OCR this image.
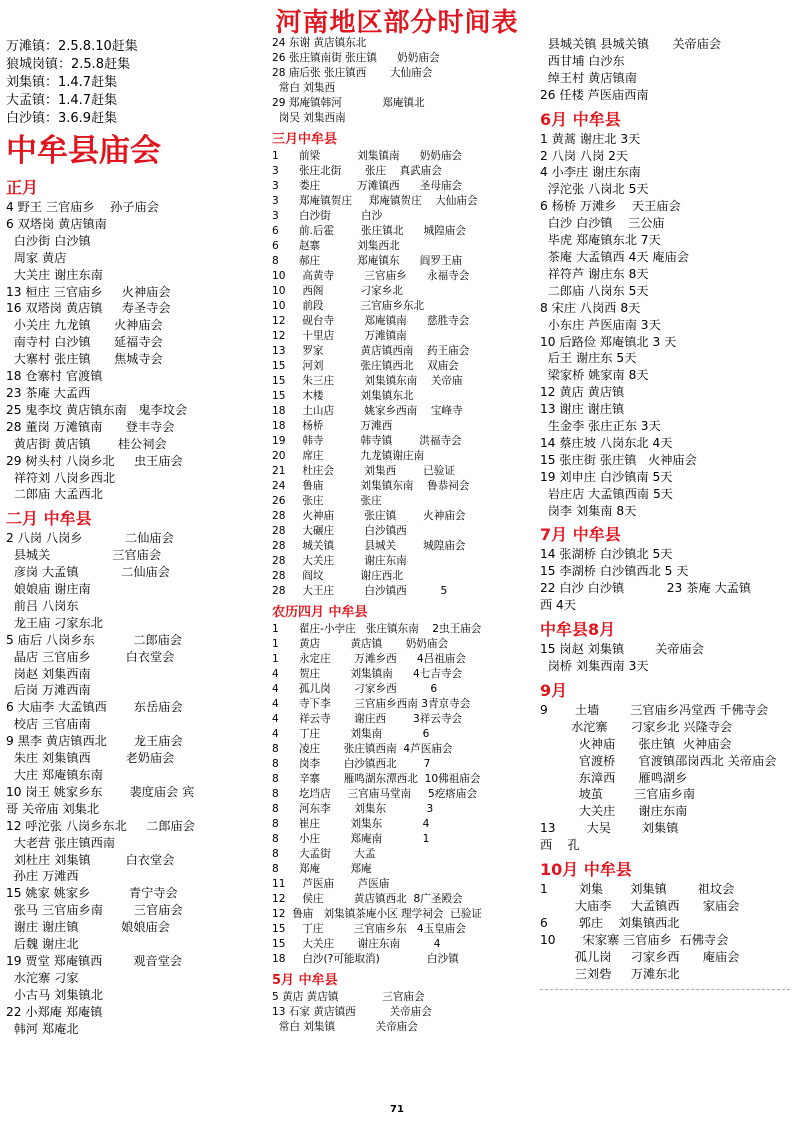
河南地区部分时间表
万滩镇：2.5.8.10赶集
狼城岗镇：2.5.8赶集
刘集镇：1.4.7赶集
大孟镇：1.4.7赶集
白沙镇：3.6.9赶集
中牟县庙会
正月
4 野王 三官庙乡    孙子庙会
6 双塔岗 黄店镇南
白沙街 白沙镇
周家 黄店
大关庄 谢庄东南
13 桓庄 三官庙乡     火神庙会
16 双塔岗 黄店镇     寿圣寺会
小关庄 九龙镇      火神庙会
南寺村 白沙镇      延福寺会
大寨村 张庄镇      焦城寺会
18 仓寨村 官渡镇
23 茶庵 大孟西
25 鬼李坟 黄店镇东南   鬼李坟会
28 董岗 万滩镇南      登丰寺会
黄店街 黄店镇       桂公祠会
29 树头村 八岗乡北     虫王庙会
祥符刘 八岗乡西北
二郎庙 大孟西北
二月 中牟县
2 八岗 八岗乡           二仙庙会
县城关                三官庙会
彦岗 大孟镇           二仙庙会
娘娘庙 谢庄南
前吕 八岗东
龙王庙 刁家东北
5 庙后 八岗乡东          二郎庙会
晶店 三官庙乡         白衣堂会
岗赵 刘集西南
后岗 万滩西南
6 大庙李 大孟镇西       东岳庙会
校店 三官庙南
9 黑李 黄店镇西北       龙王庙会
朱庄 刘集镇西         老奶庙会
大庄 郑庵镇东南
10 岗王 姚家乡东       裴度庙会 宾
哥 关帝庙 刘集北
12 呼沱张 八岗乡东北     二郎庙会
大老营 张庄镇西南
刘杜庄 刘集镇         白衣堂会
孙庄 万滩西
15 姚家 姚家乡          青宁寺会
张马 三官庙乡南        三官庙会
谢庄 谢庄镇           娘娘庙会
后魏 谢庄北
19 贾堂 郑庵镇西        观音堂会
水沱寨 刁家
小古马 刘集镇北
22 小郑庵 郑庵镇
韩河 郑庵北
24 东谢 黄店镇东北
26 张庄镇南街 张庄镇      奶奶庙会
28 庙后张 张庄镇西       大仙庙会
常白 刘集西
29 郑庵镇韩河            郑庵镇北
岗吴 刘集西南
三月中牟县
1      前梁           刘集镇南      奶奶庙会
3      张庄北街       张庄    真武庙会
3      娄庄           万滩镇西      圣母庙会
3      郑庵镇贺庄     郑庵镇贺庄    大仙庙会
3      白沙街         白沙
6      前.后霍        张庄镇北      城隍庙会
6      赵寨           刘集西北
8      郝庄           郑庵镇东      阎罗王庙
10     高黄寺         三官庙乡      永福寺会
10     西阁           刁家乡北
10     前段           三官庙乡东北
12     砚台寺         郑庵镇南      慈胜寺会
12     十里店         万滩镇南
13     罗家           黄店镇西南    药王庙会
15     河刘           张庄镇西北    双庙会
15     朱三庄         刘集镇东南    关帝庙
15     木楼           刘集镇东北
18     土山店         姚家乡西南    宝峰寺
18     杨桥           万滩西
19     韩寺           韩寺镇        洪福寺会
20     席庄           九龙镇谢庄南
21     杜庄会         刘集西        已验证
24     鲁庙           刘集镇东南    鲁恭祠会
26     张庄           张庄
28     火神庙         张庄镇        火神庙会
28     大碾庄         白沙镇西
28     城关镇         县城关        城隍庙会
28     大关庄         谢庄东南
28     阎坟           谢庄西北
28     大王庄         白沙镇西          5
农历四月 中牟县
1      翟庄-小孛庄   张庄镇东南    2虫王庙会
1      黄店         黄店镇       奶奶庙会
1      永定庄       万滩乡西      4吕祖庙会
4      贺庄         刘集镇南      4七吉寺会
4      孤儿岗       刁家乡西          6
4      寺下李       三官庙乡西南 3青京寺会
4      祥云寺       谢庄西        3祥云寺会
4      丁庄         刘集南            6
8      凌庄       张庄镇西南  4芦医庙会
8      岗李       白沙镇西北        7
8      辛寨       雁鸣湖东潭西北  10佛祖庙会
8      圪垱店     三官庙马堂南     5疙瘩庙会
8      河东李       刘集东            3
8      崔庄         刘集东            4
8      小庄         郑庵南            1
8      大孟街       大孟
8      郑庵         郑庵
11     芦医庙       芦医庙
12     侯庄         黄店镇西北  8广圣殿会
12  鲁庙   刘集镇茶庵小区 理学祠会  已验证
15     丁庄         三官庙乡东   4玉皇庙会
15     大关庄       谢庄东南          4
18     白沙(?可能取消)              白沙镇
5月 中牟县
5 黄店 黄店镇             三官庙会
13 石家 黄店镇西          关帝庙会
常白 刘集镇            关帝庙会
县城关镇 县城关镇      关帝庙会
西甘埔 白沙东
绰王村 黄店镇南
26 任楼 芦医庙西南
6月 中牟县
1 黄蒿 谢庄北 3天
2 八岗 八岗 2天
4 小李庄 谢庄东南
浮沱张 八岗北 5天
6 杨桥 万滩乡    天王庙会
白沙 白沙镇    三公庙
毕虎 郑庵镇东北 7天
茶庵 大孟镇西 4天 庵庙会
祥符芦 谢庄东 8天
二郎庙 八岗东 5天
8 宋庄 八岗西 8天
小东庄 芦医庙南 3天
10 后路俭 郑庵镇北 3 天
后王 谢庄东 5天
梁家桥 姚家南 8天
12 黄店 黄店镇
13 谢庄 谢庄镇
生金李 张庄正东 3天
14 蔡庄坡 八岗东北 4天
15 张庄街 张庄镇   火神庙会
19 刘申庄 白沙镇南 5天
岩庄店 大孟镇西南 5天
岗李 刘集南 8天
7月 中牟县
14 张湖桥 白沙镇北 5天
15 李湖桥 白沙镇西北 5 天
22 白沙 白沙镇           23 茶庵 大孟镇
西 4天
中牟县8月
15 岗赵 刘集镇        关帝庙会
岗桥 刘集西南 3天
9月
9       土墙        三官庙乡冯堂西 千佛寺会
水沱寨      刁家乡北 兴隆寺会
火神庙      张庄镇  火神庙会
官渡桥      官渡镇邵岗西北 关帝庙会
东漳西      雁鸣湖乡
坡茧        三官庙乡南
大关庄      谢庄东南
13        大吴        刘集镇
西    孔
10月 中牟县
1        刘集       刘集镇        祖坟会
大庙李     大孟镇西      家庙会
6        郭庄    刘集镇西北
10       宋家寨 三官庙乡  石佛寺会
孤儿岗     刁家乡西      庵庙会
三刘砦     万滩东北
71
